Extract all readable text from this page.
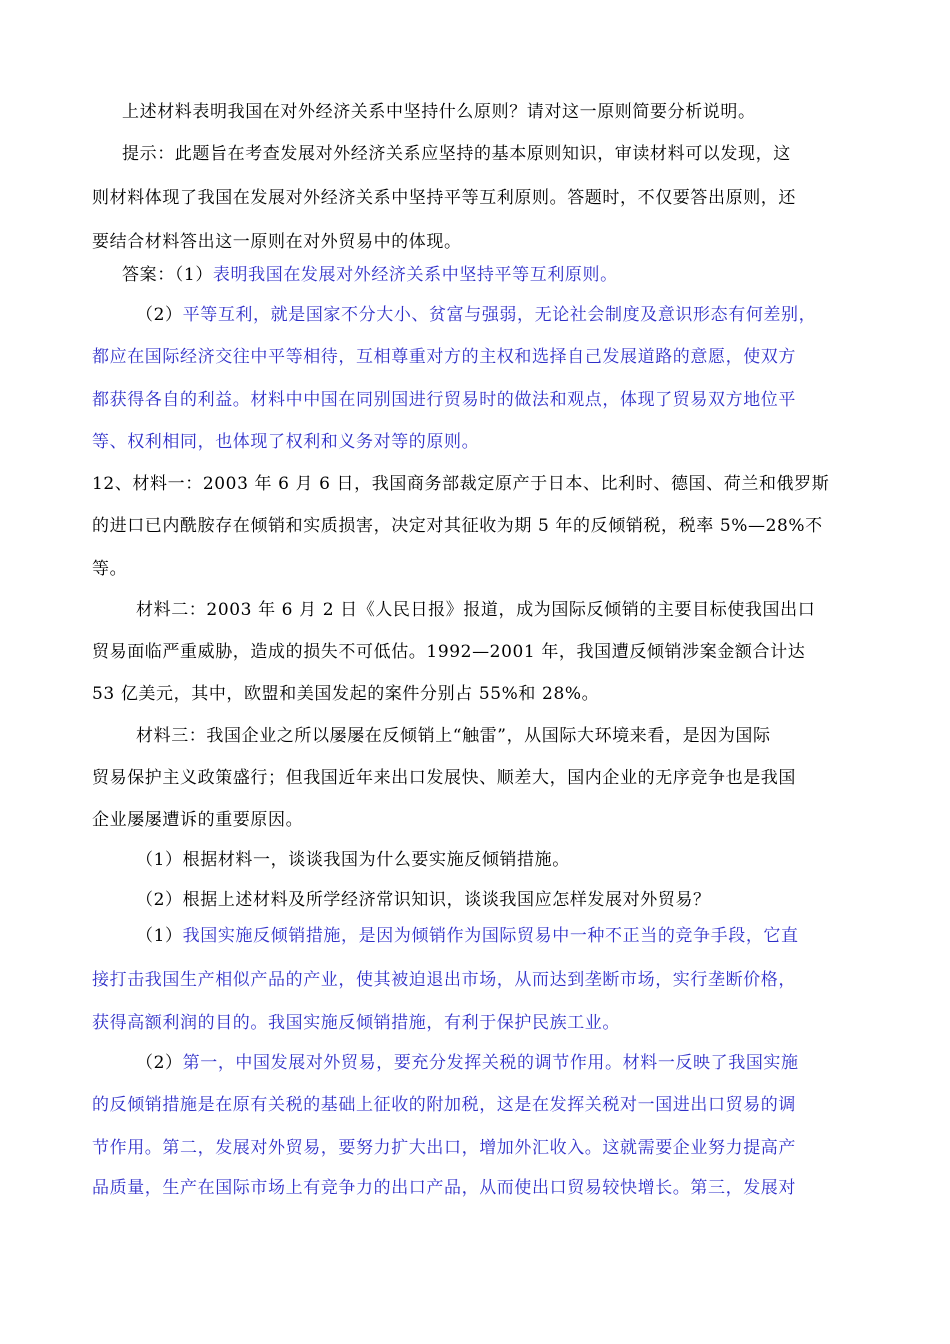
上述材料表明我国在对外经济关系中坚持什么原则？请对这一原则简要分析说明。
提示：此题旨在考查发展对外经济关系应坚持的基本原则知识，审读材料可以发现，这
则材料体现了我国在发展对外经济关系中坚持平等互利原则。答题时，不仅要答出原则，还
要结合材料答出这一原则在对外贸易中的体现。
答案：（1）表明我国在发展对外经济关系中坚持平等互利原则。
（2）平等互利，就是国家不分大小、贫富与强弱，无论社会制度及意识形态有何差别，
都应在国际经济交往中平等相待，互相尊重对方的主权和选择自己发展道路的意愿，使双方
都获得各自的利益。材料中中国在同别国进行贸易时的做法和观点，体现了贸易双方地位平
等、权利相同，也体现了权利和义务对等的原则。
12、材料一：2003 年 6 月 6 日，我国商务部裁定原产于日本、比利时、德国、荷兰和俄罗斯
的进口已内酰胺存在倾销和实质损害，决定对其征收为期 5 年的反倾销税，税率 5%—28%不
等。
材料二：2003 年 6 月 2 日《人民日报》报道，成为国际反倾销的主要目标使我国出口
贸易面临严重威胁，造成的损失不可低估。1992—2001 年，我国遭反倾销涉案金额合计达
53 亿美元，其中，欧盟和美国发起的案件分别占 55%和 28%。
材料三：我国企业之所以屡屡在反倾销上“触雷”，从国际大环境来看，是因为国际
贸易保护主义政策盛行；但我国近年来出口发展快、顺差大，国内企业的无序竞争也是我国
企业屡屡遭诉的重要原因。
（1）根据材料一，谈谈我国为什么要实施反倾销措施。
（2）根据上述材料及所学经济常识知识，谈谈我国应怎样发展对外贸易？
（1）我国实施反倾销措施，是因为倾销作为国际贸易中一种不正当的竞争手段，它直
接打击我国生产相似产品的产业，使其被迫退出市场，从而达到垄断市场，实行垄断价格，
获得高额利润的目的。我国实施反倾销措施，有利于保护民族工业。
（2）第一，中国发展对外贸易，要充分发挥关税的调节作用。材料一反映了我国实施
的反倾销措施是在原有关税的基础上征收的附加税，这是在发挥关税对一国进出口贸易的调
节作用。第二，发展对外贸易，要努力扩大出口，增加外汇收入。这就需要企业努力提高产
品质量，生产在国际市场上有竞争力的出口产品，从而使出口贸易较快增长。第三，发展对
